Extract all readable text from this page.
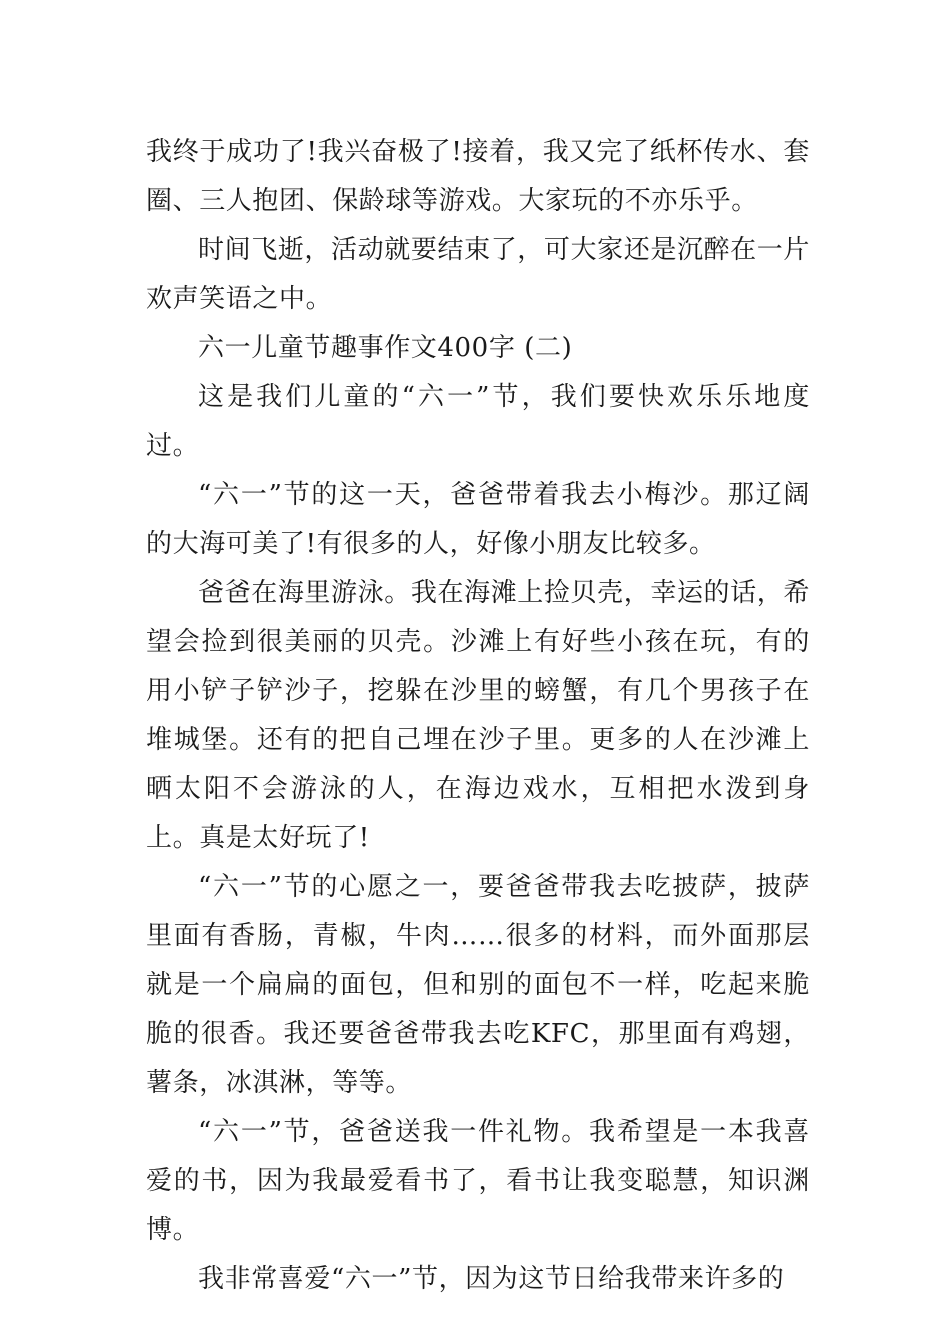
我终于成功了!我兴奋极了!接着，我又完了纸杯传水、套圈、三人抱团、保龄球等游戏。大家玩的不亦乐乎。

时间飞逝，活动就要结束了，可大家还是沉醉在一片欢声笑语之中。

六一儿童节趣事作文400字 (二)

这是我们儿童的“六一”节，我们要快欢乐乐地度过。

“六一”节的这一天，爸爸带着我去小梅沙。那辽阔的大海可美了!有很多的人，好像小朋友比较多。

爸爸在海里游泳。我在海滩上捡贝壳，幸运的话，希望会捡到很美丽的贝壳。沙滩上有好些小孩在玩，有的用小铲子铲沙子，挖躲在沙里的螃蟹，有几个男孩子在堆城堡。还有的把自己埋在沙子里。更多的人在沙滩上晒太阳不会游泳的人，在海边戏水，互相把水泼到身上。真是太好玩了!

“六一”节的心愿之一，要爸爸带我去吃披萨，披萨里面有香肠，青椒，牛肉……很多的材料，而外面那层就是一个扁扁的面包，但和别的面包不一样，吃起来脆脆的很香。我还要爸爸带我去吃KFC，那里面有鸡翅，薯条，冰淇淋，等等。

“六一”节，爸爸送我一件礼物。我希望是一本我喜爱的书，因为我最爱看书了，看书让我变聪慧，知识渊博。

我非常喜爱“六一”节，因为这节日给我带来许多的
